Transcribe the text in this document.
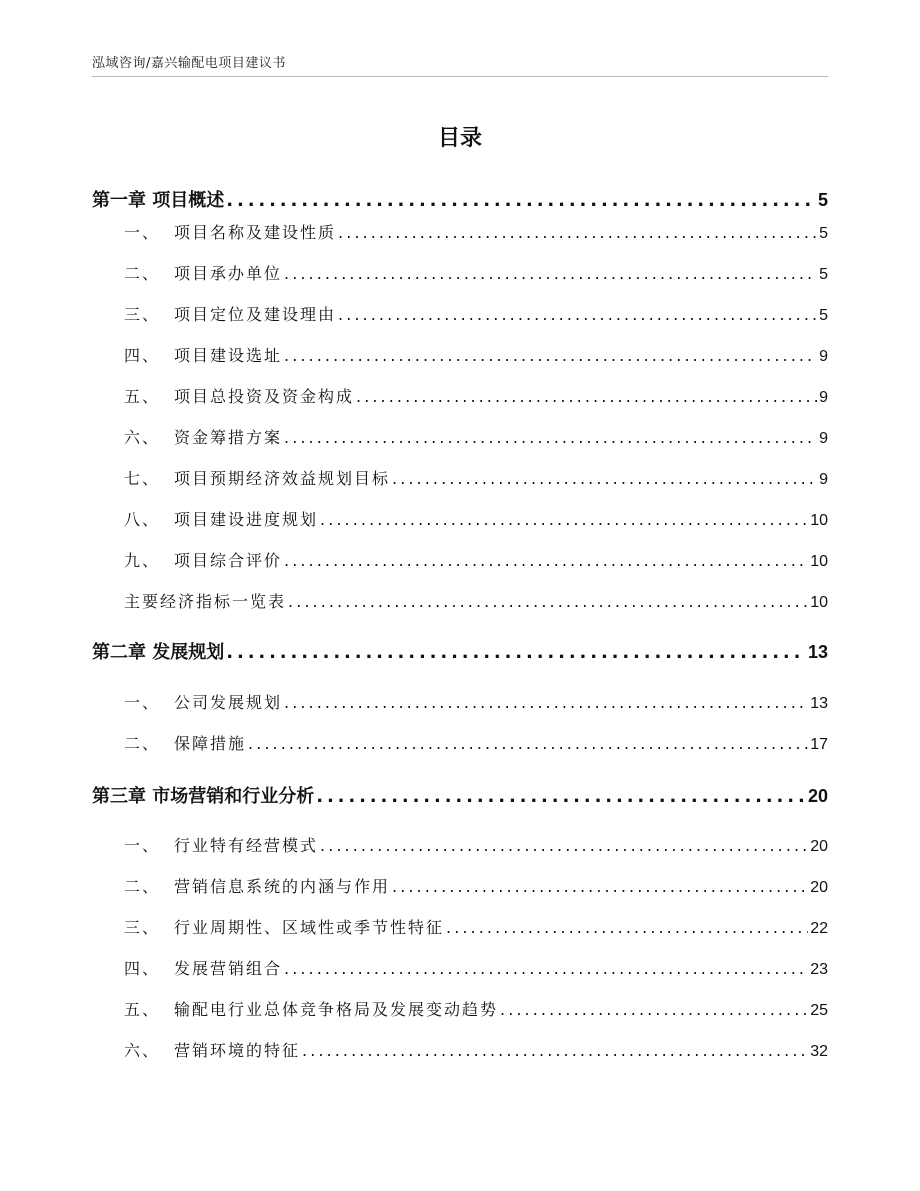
泓域咨询/嘉兴输配电项目建议书
目录
第一章 项目概述 . . .	5
一、 项目名称及建设性质 . . .	5
二、 项目承办单位 . . .	5
三、 项目定位及建设理由 . . .	5
四、 项目建设选址 . . .	9
五、 项目总投资及资金构成 . . .	9
六、 资金筹措方案 . . .	9
七、 项目预期经济效益规划目标 . . .	9
八、 项目建设进度规划 . . .	10
九、 项目综合评价 . . .	10
主要经济指标一览表 . . .	10
第二章 发展规划 . . .	13
一、 公司发展规划 . . .	13
二、 保障措施 . . .	17
第三章 市场营销和行业分析 . . .	20
一、 行业特有经营模式 . . .	20
二、 营销信息系统的内涵与作用 . . .	20
三、 行业周期性、区域性或季节性特征 . . .	22
四、 发展营销组合 . . .	23
五、 输配电行业总体竞争格局及发展变动趋势 . . .	25
六、 营销环境的特征 . . .	32
